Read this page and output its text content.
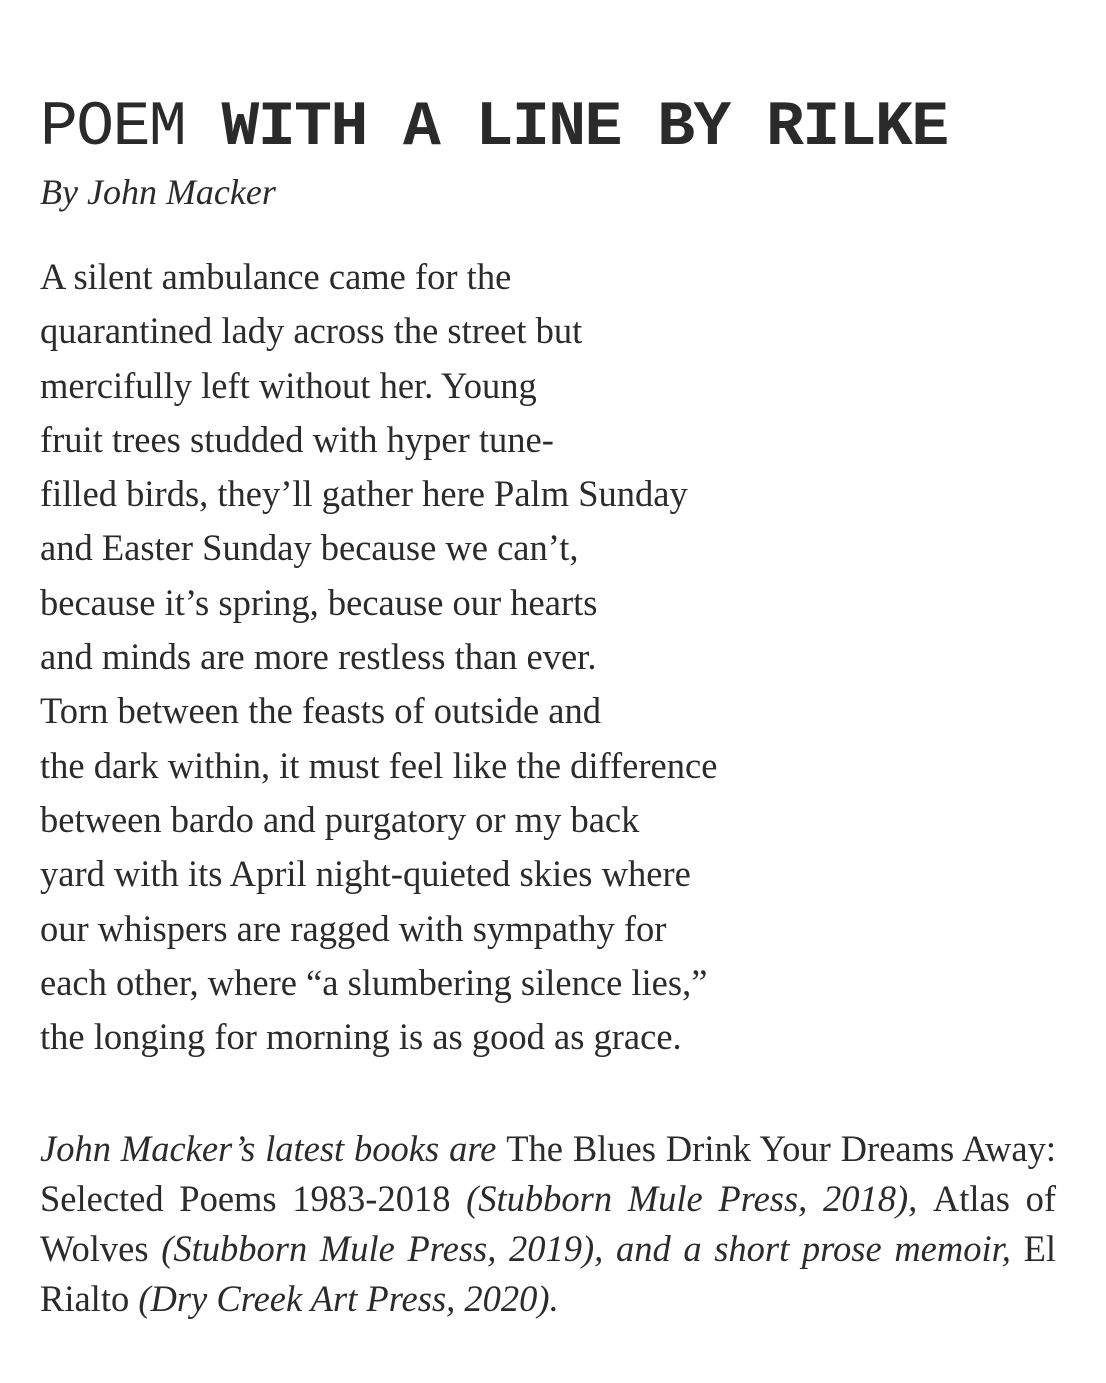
POEM WITH A LINE BY RILKE
By John Macker
A silent ambulance came for the
quarantined lady across the street but
mercifully left without her. Young
fruit trees studded with hyper tune-
filled birds, they’ll gather here Palm Sunday
and Easter Sunday because we can’t,
because it’s spring, because our hearts
and minds are more restless than ever.
Torn between the feasts of outside and
the dark within, it must feel like the difference
between bardo and purgatory or my back
yard with its April night-quieted skies where
our whispers are ragged with sympathy for
each other, where “a slumbering silence lies,”
the longing for morning is as good as grace.

John Macker’s latest books are The Blues Drink Your Dreams Away: Selected Poems 1983-2018 (Stubborn Mule Press, 2018), Atlas of Wolves (Stubborn Mule Press, 2019), and a short prose memoir, El Rialto (Dry Creek Art Press, 2020).
